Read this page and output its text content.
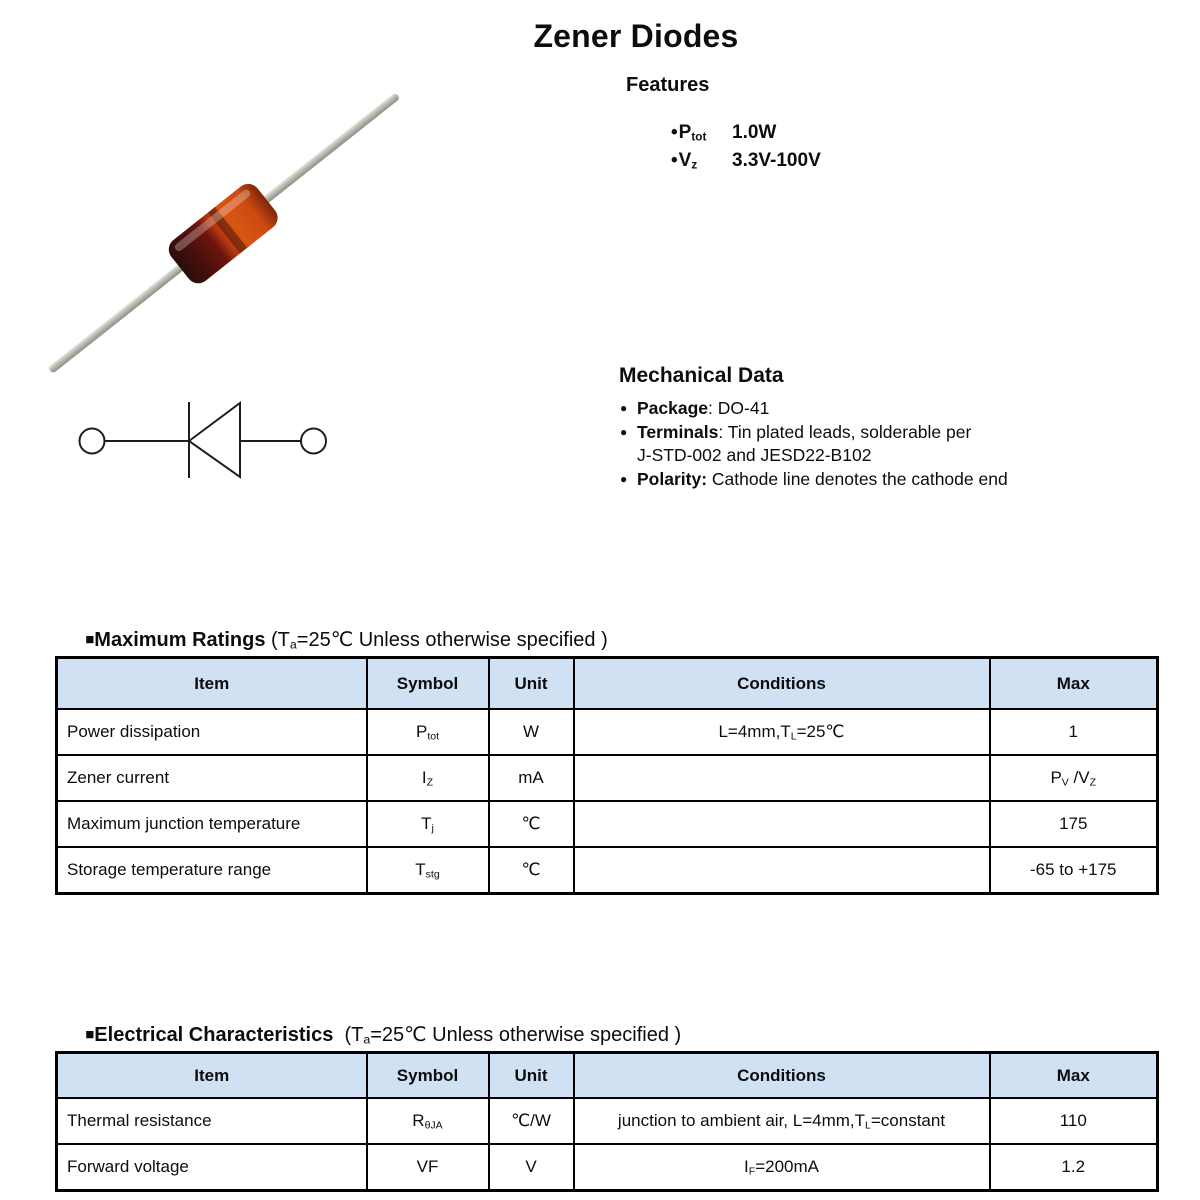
Zener Diodes
Features
$•P_{tot}$	1.0W
$•V_z$	3.3V-100V
Mechanical Data
● Package: DO-41
● Terminals: Tin plated leads, solderable per
J-STD-002 and JESD22-B102
● Polarity: Cathode line denotes the cathode end

■Maximum Ratings ($T_a=25℃$ Unless otherwise specified )

■Electrical Characteristics  ($T_a=25℃$ Unless otherwise specified )

Item	Symbol	Unit	Conditions	Max
Power dissipation	$P_{tot}$	W	$L=4mm,T_L=25℃$	1
Zener current	$I_Z$	mA		$P_V$ $/V_Z$
Maximum junction temperature	$T_j$	℃		175
Storage temperature range	$T_{stg}$	℃		-65 to +175
Item	Symbol	Unit	Conditions	Max
Thermal resistance	$R_{\theta JA}$	℃/W	junction to ambient air, $L=4mm,T_L=constant$	110
Forward voltage	VF	V	$I_F=200mA$	1.2
